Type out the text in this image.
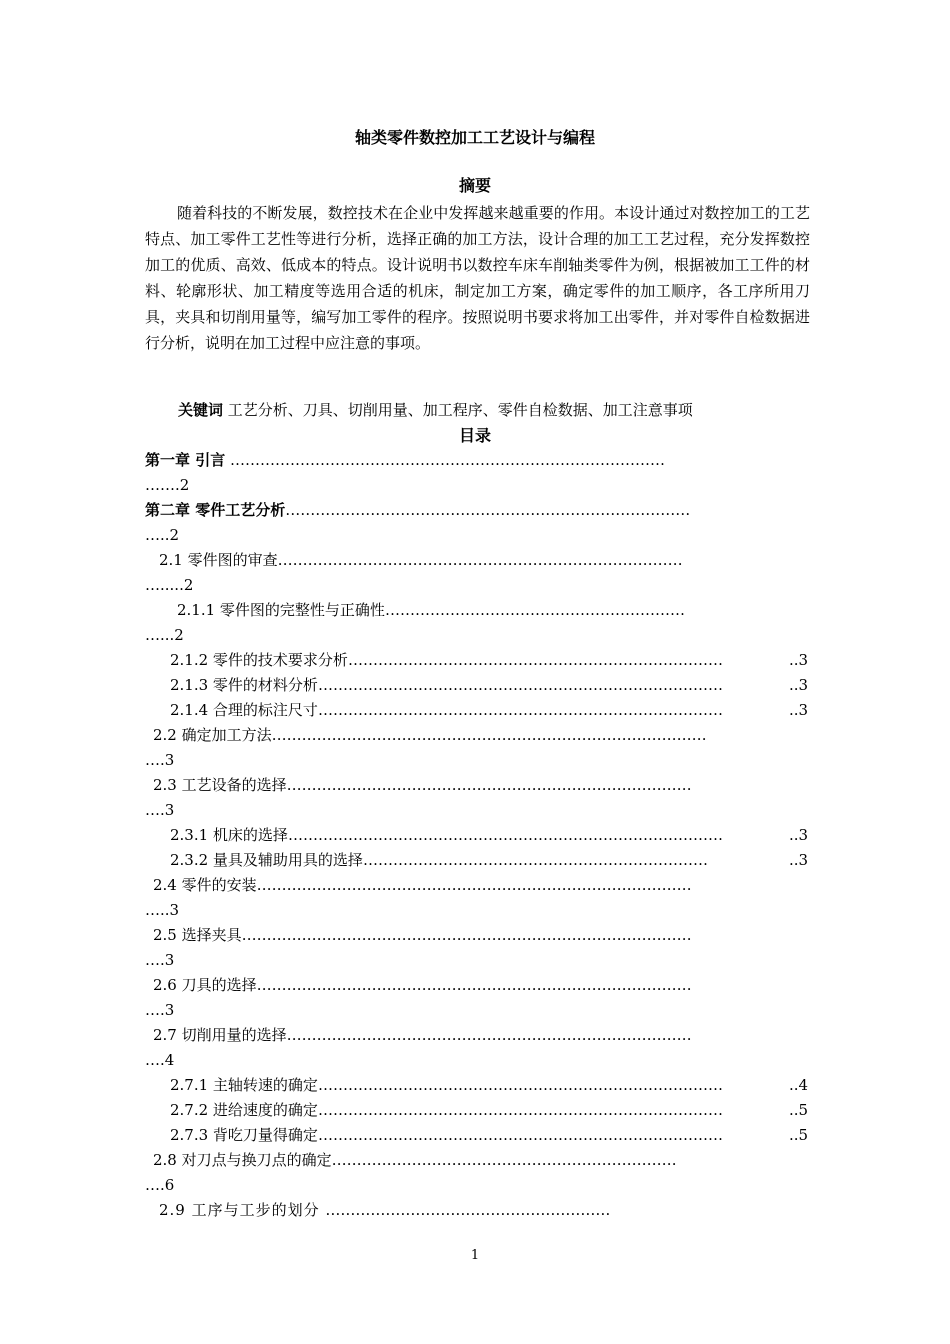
轴类零件数控加工工艺设计与编程
摘要

随着科技的不断发展，数控技术在企业中发挥越来越重要的作用。本设计通过对数控加工的工艺特点、加工零件工艺性等进行分析，选择正确的加工方法，设计合理的加工工艺过程，充分发挥数控加工的优质、高效、低成本的特点。设计说明书以数控车床车削轴类零件为例，根据被加工工件的材料、轮廓形状、加工精度等选用合适的机床，制定加工方案，确定零件的加工顺序，各工序所用刀具，夹具和切削用量等，编写加工零件的程序。按照说明书要求将加工出零件，并对零件自检数据进行分析，说明在加工过程中应注意的事项。

关键词 工艺分析、刀具、切削用量、加工程序、零件自检数据、加工注意事项
目录
第一章 引言 ……………………………………………………………………………
…….2
第二章 零件工艺分析………………………………………………………………………
…..2
2.1 零件图的审查………………………………………………………………………
….....2
2.1.1 零件图的完整性与正确性……………………………………………………
…...2
2.1.2 零件的技术要求分析…………………………………………………………………	..3
2.1.3 零件的材料分析………………………………………………………………………	..3
2.1.4 合理的标注尺寸………………………………………………………………………	..3
2.2 确定加工方法……………………………………………………………………………
….3
2.3 工艺设备的选择………………………………………………………………………
….3
2.3.1 机床的选择……………………………………………………………………………	..3
2.3.2 量具及辅助用具的选择……………………………………………………………	..3
2.4 零件的安装……………………………………………………………………………
…..3
2.5 选择夹具………………………………………………………………………………
….3
2.6 刀具的选择……………………………………………………………………………
….3
2.7 切削用量的选择………………………………………………………………………
….4
2.7.1 主轴转速的确定………………………………………………………………………	..4
2.7.2 进给速度的确定………………………………………………………………………	..5
2.7.3 背吃刀量得确定………………………………………………………………………	..5
2.8 对刀点与换刀点的确定……………………………………………………………
….6
2.9 工序与工步的划分 …………………………………………………
1
